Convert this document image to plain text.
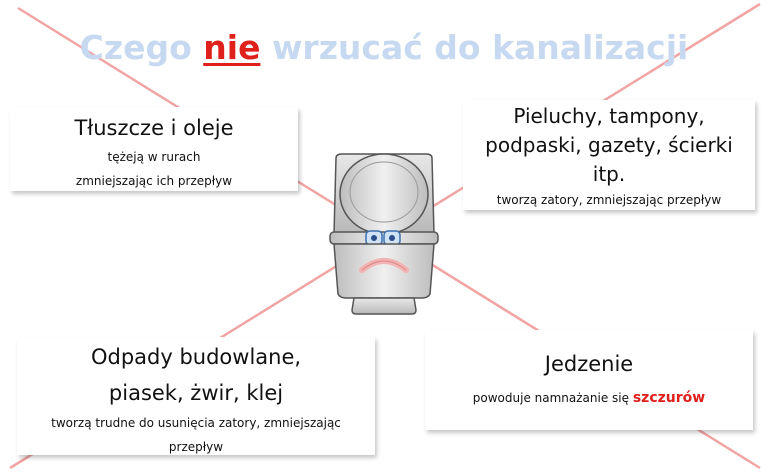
Czego nie wrzucać do kanalizacji
Tłuszcze i oleje
tężeją w rurach
zmniejszając ich przepływ
Pieluchy, tampony,
podpaski, gazety, ścierki
itp.
tworzą zatory, zmniejszając przepływ
Odpady budowlane,
piasek, żwir, klej
tworzą trudne do usunięcia zatory, zmniejszając
przepływ
Jedzenie
powoduje namnażanie się szczurów
